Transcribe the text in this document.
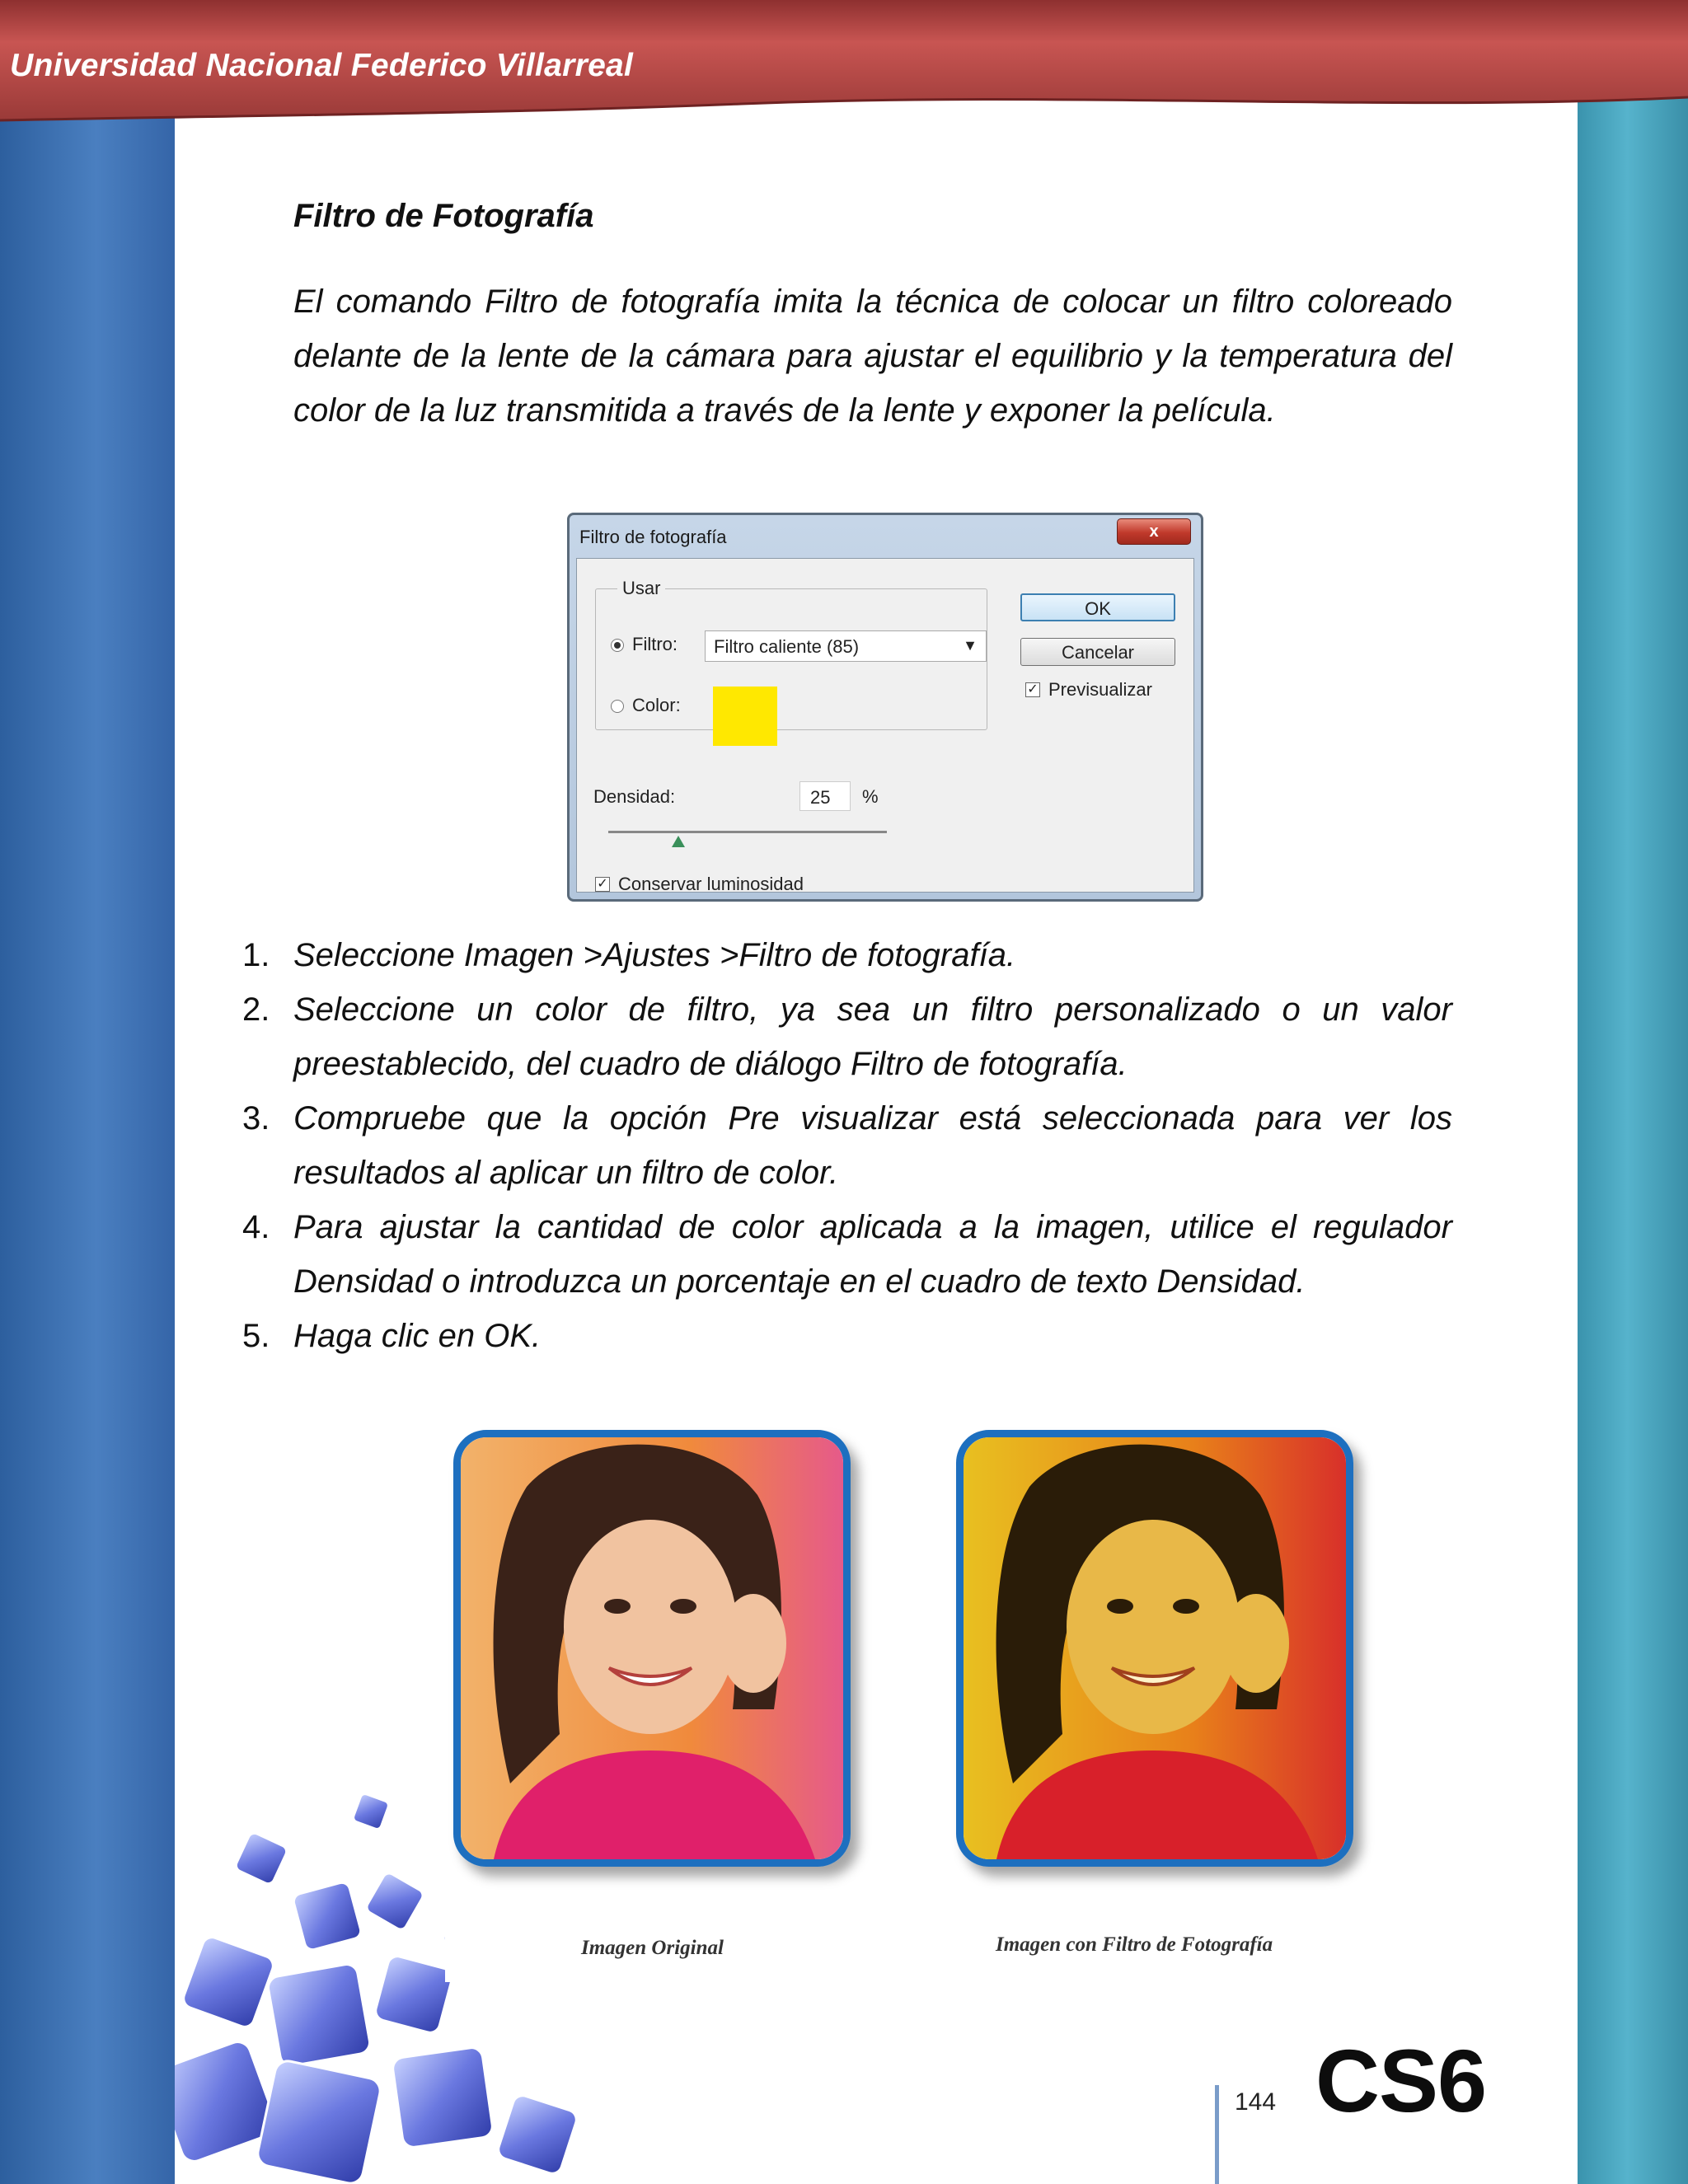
Universidad Nacional Federico Villarreal
Filtro de Fotografía

El comando Filtro de fotografía imita la técnica de colocar un filtro coloreado delante de la lente de la cámara para ajustar el equilibrio y la temperatura del color de la luz transmitida a través de la lente y exponer la película.

Filtro de fotografía	x
Usar
Filtro: Filtro caliente (85)	▼
Color:
OK
Cancelar
✓ Previsualizar
Densidad:	25 %
✓ Conservar luminosidad
1. Seleccione Imagen >Ajustes >Filtro de fotografía.
2. Seleccione un color de filtro, ya sea un filtro personalizado o un valor preestablecido, del cuadro de diálogo Filtro de fotografía.
3. Compruebe que la opción Pre visualizar está seleccionada para ver los resultados al aplicar un filtro de color.
4. Para ajustar la cantidad de color aplicada a la imagen, utilice el regulador Densidad o introduzca un porcentaje en el cuadro de texto Densidad.
5. Haga clic en OK.
Imagen Original	Imagen con Filtro de Fotografía
144 CS6
